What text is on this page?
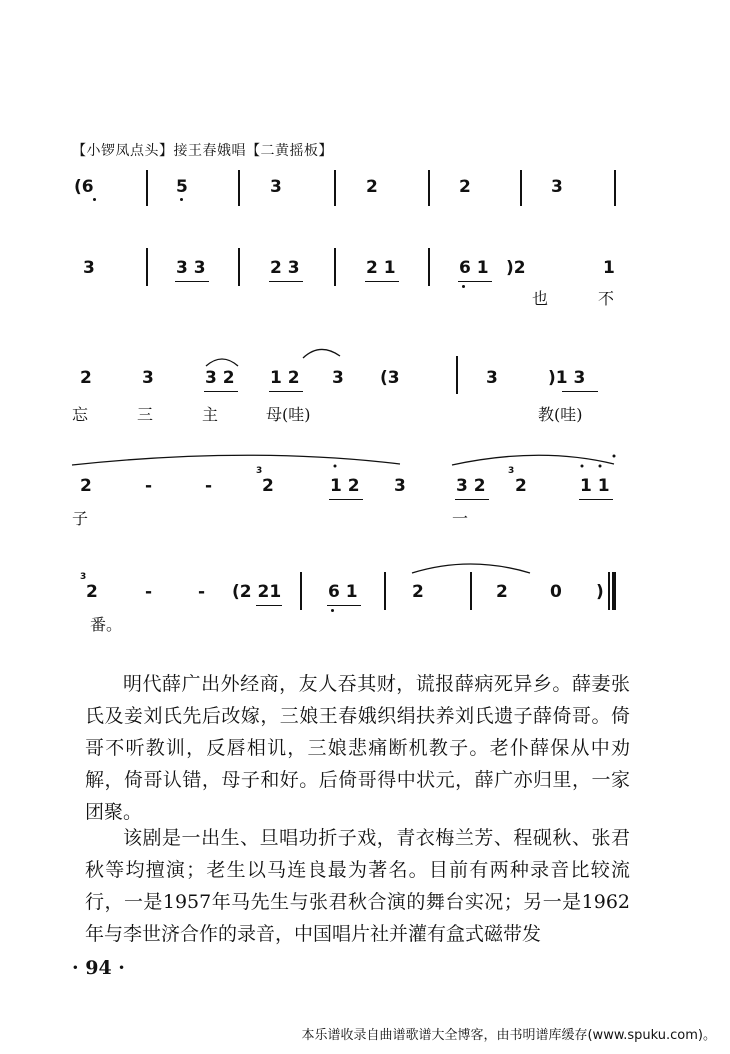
【小锣凤点头】接王春娥唱【二黄摇板】
(6	5	3	2	2	3
3	3 3	2 3	2 1	6 1 )2	1
也	不
2	3	3 2 1 2 3 (3	3	)1 3
忘	三	主	母(哇)	教(哇)
2	-	-
3
2	1 2 3	3 2
3
2	1 1
子	一
3
2	-	- (2 21	6 1	2	2 0 )
番。

明代薛广出外经商，友人吞其财，谎报薛病死异乡。薛妻张氏及妾刘氏先后改嫁，三娘王春娥织绢扶养刘氏遗子薛倚哥。倚哥不听教训，反唇相讥，三娘悲痛断机教子。老仆薛保从中劝解，倚哥认错，母子和好。后倚哥得中状元，薛广亦归里，一家团聚。

该剧是一出生、旦唱功折子戏，青衣梅兰芳、程砚秋、张君秋等均擅演；老生以马连良最为著名。目前有两种录音比较流行，一是1957年马先生与张君秋合演的舞台实况；另一是1962年与李世济合作的录音，中国唱片社并灌有盒式磁带发

· 94 ·
本乐谱收录自曲谱歌谱大全博客，由书明谱库缓存(www.spuku.com)。
